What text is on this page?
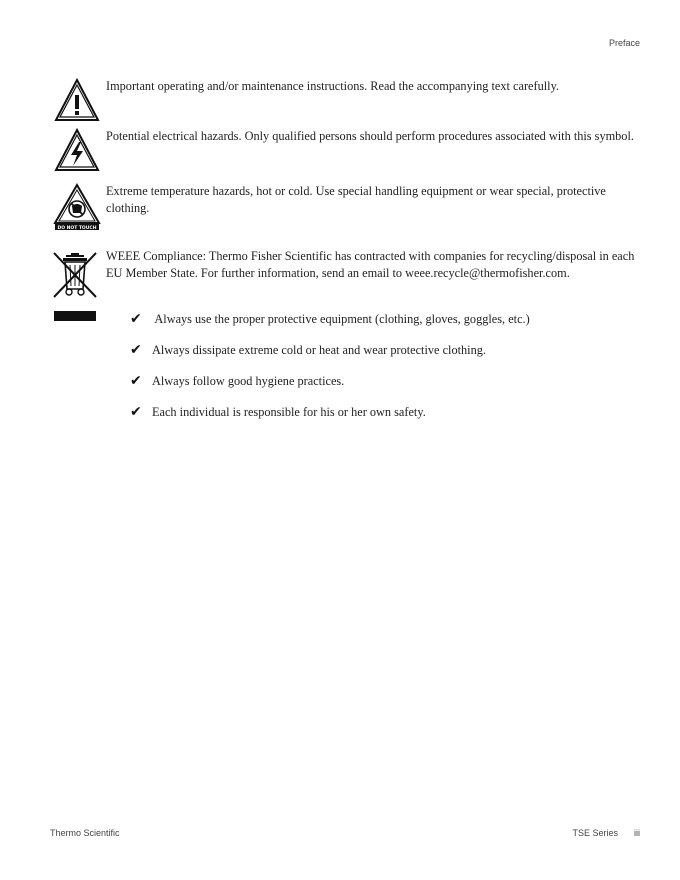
Preface
Important operating and/or maintenance instructions. Read the accompanying text carefully.
Potential electrical hazards. Only qualified persons should perform procedures associated with this symbol.
DO NOT TOUCH
Extreme temperature hazards, hot or cold. Use special handling equipment or wear special, protective clothing.
WEEE Compliance: Thermo Fisher Scientific has contracted with companies for recycling/disposal in each EU Member State. For further information, send an email to weee.recycle@thermofisher.com.
✔ Always use the proper protective equipment (clothing, gloves, goggles, etc.)
✔ Always dissipate extreme cold or heat and wear protective clothing.
✔ Always follow good hygiene practices.
✔ Each individual is responsible for his or her own safety.
Thermo Scientific	TSE Series iii
